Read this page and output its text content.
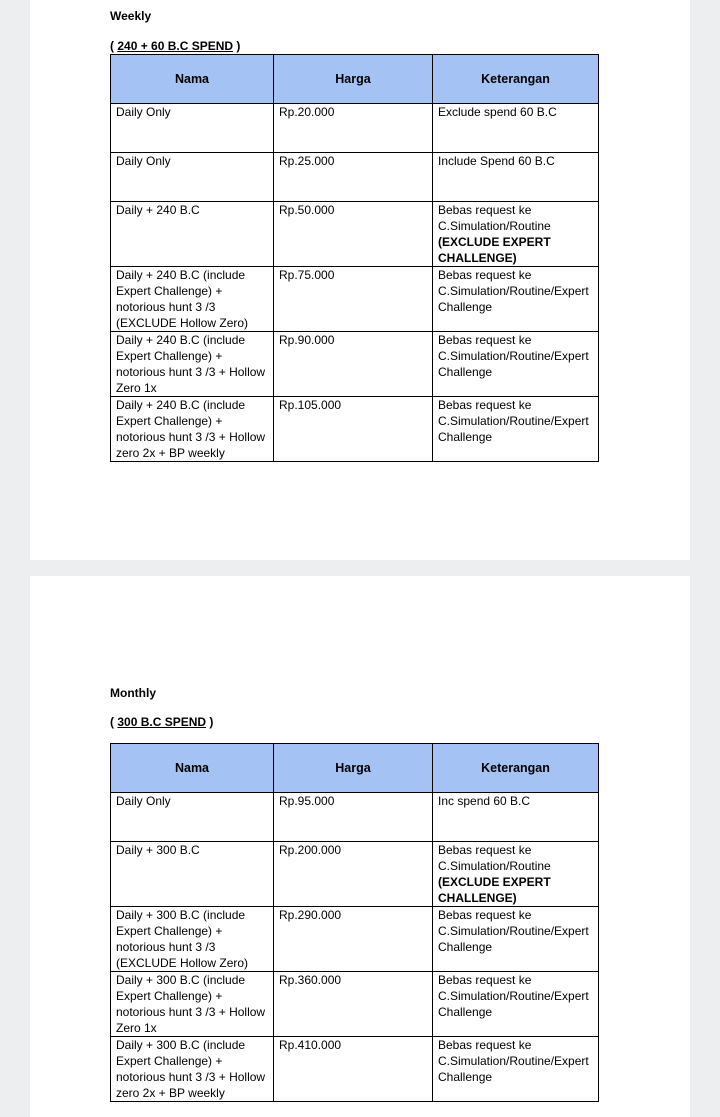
Weekly
( 240 + 60 B.C SPEND )
Nama	Harga	Keterangan
Daily Only	Rp.20.000	Exclude spend 60 B.C
Daily Only	Rp.25.000	Include Spend 60 B.C
Daily + 240 B.C	Rp.50.000	Bebas request ke C.Simulation/Routine
(EXCLUDE EXPERT CHALLENGE)

Daily + 240 B.C (include Expert Challenge) + notorious hunt 3 /3 (EXCLUDE Hollow Zero)	Rp.75.000	Bebas request ke C.Simulation/Routine/Expert Challenge
Daily + 240 B.C (include Expert Challenge) + notorious hunt 3 /3 + Hollow Zero 1x	Rp.90.000	Bebas request ke C.Simulation/Routine/Expert Challenge
Daily + 240 B.C (include Expert Challenge) + notorious hunt 3 /3 + Hollow zero 2x + BP weekly	Rp.105.000	Bebas request ke C.Simulation/Routine/Expert Challenge
Monthly
( 300 B.C SPEND )
Nama	Harga	Keterangan
Daily Only	Rp.95.000	Inc spend 60 B.C
Daily + 300 B.C	Rp.200.000	Bebas request ke C.Simulation/Routine
(EXCLUDE EXPERT CHALLENGE)

Daily + 300 B.C (include Expert Challenge) + notorious hunt 3 /3 (EXCLUDE Hollow Zero)	Rp.290.000	Bebas request ke C.Simulation/Routine/Expert Challenge
Daily + 300 B.C (include Expert Challenge) + notorious hunt 3 /3 + Hollow Zero 1x	Rp.360.000	Bebas request ke C.Simulation/Routine/Expert Challenge
Daily + 300 B.C (include Expert Challenge) + notorious hunt 3 /3 + Hollow zero 2x + BP weekly	Rp.410.000	Bebas request ke C.Simulation/Routine/Expert Challenge
